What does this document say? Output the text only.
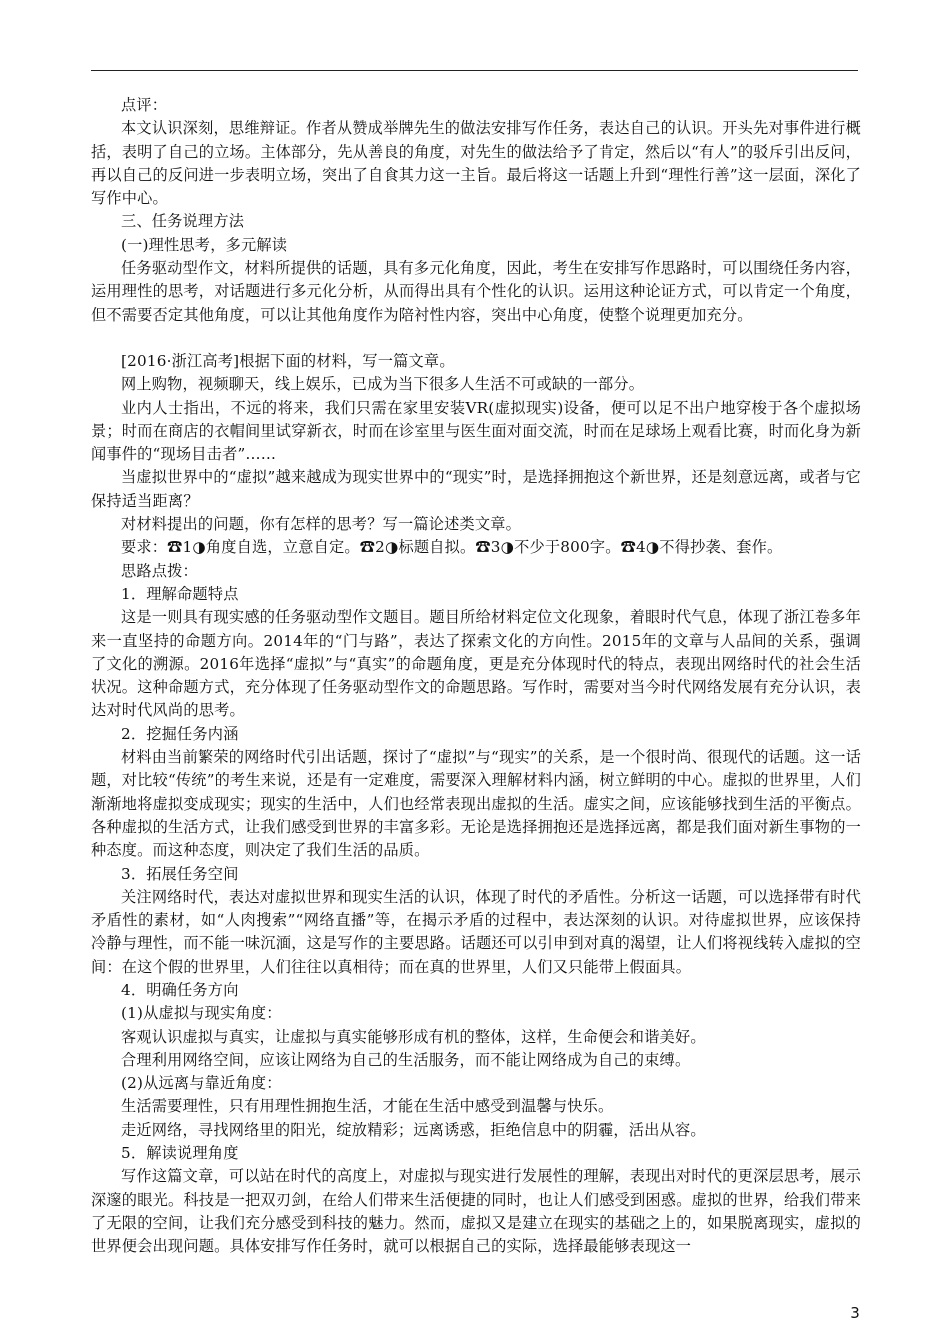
点评：

本文认识深刻，思维辩证。作者从赞成举牌先生的做法安排写作任务，表达自己的认识。开头先对事件进行概括，表明了自己的立场。主体部分，先从善良的角度，对先生的做法给予了肯定，然后以“有人”的驳斥引出反问，再以自己的反问进一步表明立场，突出了自食其力这一主旨。最后将这一话题上升到“理性行善”这一层面，深化了写作中心。

三、任务说理方法

(一)理性思考，多元解读

任务驱动型作文，材料所提供的话题，具有多元化角度，因此，考生在安排写作思路时，可以围绕任务内容，运用理性的思考，对话题进行多元化分析，从而得出具有个性化的认识。运用这种论证方式，可以肯定一个角度，但不需要否定其他角度，可以让其他角度作为陪衬性内容，突出中心角度，使整个说理更加充分。

[2016·浙江高考]根据下面的材料，写一篇文章。

网上购物，视频聊天，线上娱乐，已成为当下很多人生活不可或缺的一部分。

业内人士指出，不远的将来，我们只需在家里安装VR(虚拟现实)设备，便可以足不出户地穿梭于各个虚拟场景；时而在商店的衣帽间里试穿新衣，时而在诊室里与医生面对面交流，时而在足球场上观看比赛，时而化身为新闻事件的“现场目击者”……

当虚拟世界中的“虚拟”越来越成为现实世界中的“现实”时，是选择拥抱这个新世界，还是刻意远离，或者与它保持适当距离？

对材料提出的问题，你有怎样的思考？写一篇论述类文章。

要求：☎1◑角度自选，立意自定。☎2◑标题自拟。☎3◑不少于800字。☎4◑不得抄袭、套作。

思路点拨：

1．理解命题特点

这是一则具有现实感的任务驱动型作文题目。题目所给材料定位文化现象，着眼时代气息，体现了浙江卷多年来一直坚持的命题方向。2014年的“门与路”，表达了探索文化的方向性。2015年的文章与人品间的关系，强调了文化的溯源。2016年选择“虚拟”与“真实”的命题角度，更是充分体现时代的特点，表现出网络时代的社会生活状况。这种命题方式，充分体现了任务驱动型作文的命题思路。写作时，需要对当今时代网络发展有充分认识，表达对时代风尚的思考。

2．挖掘任务内涵

材料由当前繁荣的网络时代引出话题，探讨了“虚拟”与“现实”的关系，是一个很时尚、很现代的话题。这一话题，对比较“传统”的考生来说，还是有一定难度，需要深入理解材料内涵，树立鲜明的中心。虚拟的世界里，人们渐渐地将虚拟变成现实；现实的生活中，人们也经常表现出虚拟的生活。虚实之间，应该能够找到生活的平衡点。各种虚拟的生活方式，让我们感受到世界的丰富多彩。无论是选择拥抱还是选择远离，都是我们面对新生事物的一种态度。而这种态度，则决定了我们生活的品质。

3．拓展任务空间

关注网络时代，表达对虚拟世界和现实生活的认识，体现了时代的矛盾性。分析这一话题，可以选择带有时代矛盾性的素材，如“人肉搜索”“网络直播”等，在揭示矛盾的过程中，表达深刻的认识。对待虚拟世界，应该保持冷静与理性，而不能一味沉湎，这是写作的主要思路。话题还可以引申到对真的渴望，让人们将视线转入虚拟的空间：在这个假的世界里，人们往往以真相待；而在真的世界里，人们又只能带上假面具。

4．明确任务方向

(1)从虚拟与现实角度：

客观认识虚拟与真实，让虚拟与真实能够形成有机的整体，这样，生命便会和谐美好。

合理利用网络空间，应该让网络为自己的生活服务，而不能让网络成为自己的束缚。

(2)从远离与靠近角度：

生活需要理性，只有用理性拥抱生活，才能在生活中感受到温馨与快乐。

走近网络，寻找网络里的阳光，绽放精彩；远离诱惑，拒绝信息中的阴霾，活出从容。

5．解读说理角度

写作这篇文章，可以站在时代的高度上，对虚拟与现实进行发展性的理解，表现出对时代的更深层思考，展示深邃的眼光。科技是一把双刃剑，在给人们带来生活便捷的同时，也让人们感受到困惑。虚拟的世界，给我们带来了无限的空间，让我们充分感受到科技的魅力。然而，虚拟又是建立在现实的基础之上的，如果脱离现实，虚拟的世界便会出现问题。具体安排写作任务时，就可以根据自己的实际，选择最能够表现这一

3
